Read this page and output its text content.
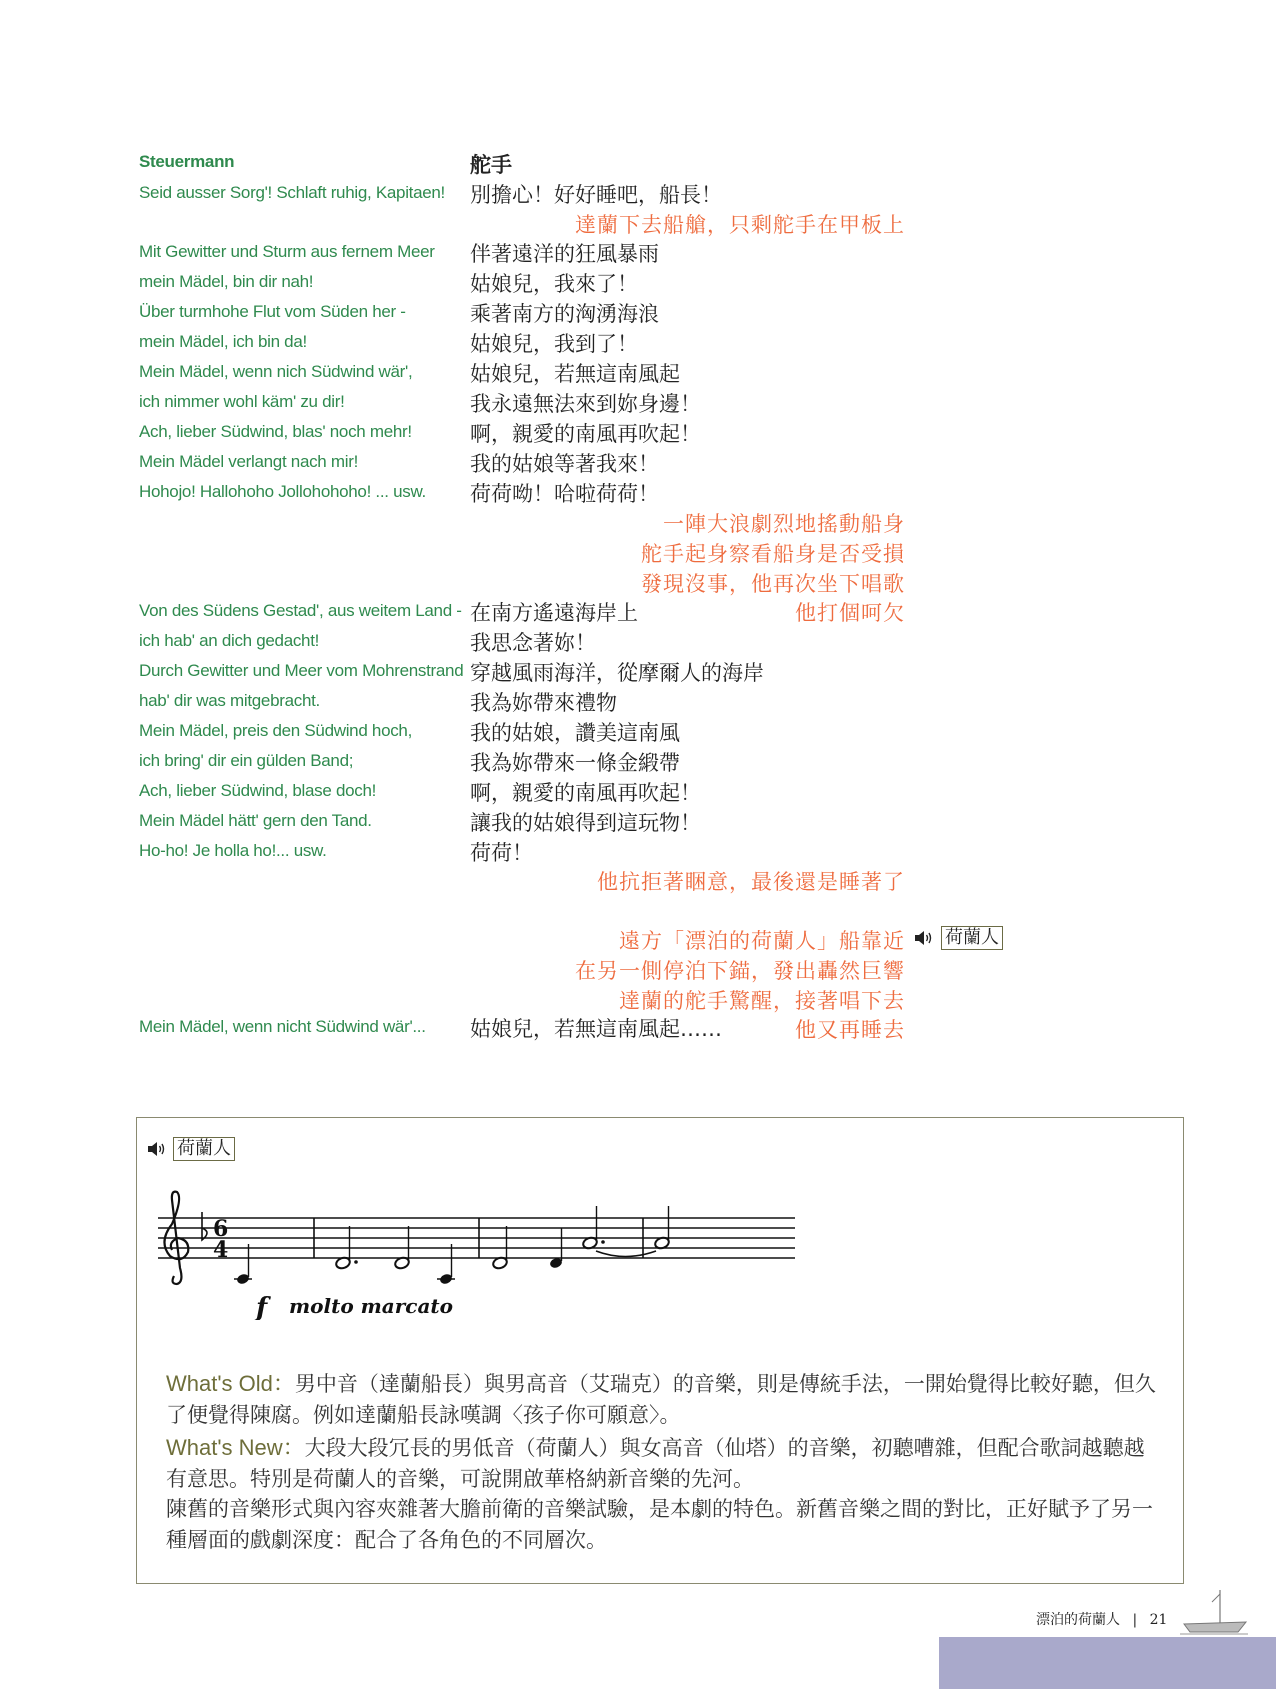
Steuermann	舵手
Seid ausser Sorg'! Schlaft ruhig, Kapitaen!
Mit Gewitter und Sturm aus fernem Meer
mein Mädel, bin dir nah!
Über turmhohe Flut vom Süden her -
mein Mädel, ich bin da!
Mein Mädel, wenn nich Südwind wär',
ich nimmer wohl käm' zu dir!
Ach, lieber Südwind, blas' noch mehr!
Mein Mädel verlangt nach mir!
Hohojo! Hallohoho Jollohohoho! ... usw.
Von des Südens Gestad', aus weitem Land -
ich hab' an dich gedacht!
Durch Gewitter und Meer vom Mohrenstrand
hab' dir was mitgebracht.
Mein Mädel, preis den Südwind hoch,
ich bring' dir ein gülden Band;
Ach, lieber Südwind, blase doch!
Mein Mädel hätt' gern den Tand.
Ho-ho! Je holla ho!... usw.
Mein Mädel, wenn nicht Südwind wär'...
別擔心！好好睡吧，船長！
伴著遠洋的狂風暴雨
姑娘兒，我來了！
乘著南方的洶湧海浪
姑娘兒，我到了！
姑娘兒，若無這南風起
我永遠無法來到妳身邊！
啊，親愛的南風再吹起！
我的姑娘等著我來！
荷荷呦！哈啦荷荷！
在南方遙遠海岸上
我思念著妳！
穿越風雨海洋，從摩爾人的海岸
我為妳帶來禮物
我的姑娘，讚美這南風
我為妳帶來一條金緞帶
啊，親愛的南風再吹起！
讓我的姑娘得到這玩物！
荷荷！
姑娘兒，若無這南風起……
達蘭下去船艙，只剩舵手在甲板上
一陣大浪劇烈地搖動船身
舵手起身察看船身是否受損
發現沒事，他再次坐下唱歌
他打個呵欠
他抗拒著睏意，最後還是睡著了
遠方「漂泊的荷蘭人」船靠近
在另一側停泊下錨，發出轟然巨響
達蘭的舵手驚醒，接著唱下去
他又再睡去
荷蘭人
荷蘭人
6
4
f molto marcato
What's Old：男中音（達蘭船長）與男高音（艾瑞克）的音樂，則是傳統手法，一開始覺得比較好聽，但久
了便覺得陳腐。例如達蘭船長詠嘆調〈孩子你可願意〉。
What's New：大段大段冗長的男低音（荷蘭人）與女高音（仙塔）的音樂，初聽嘈雜，但配合歌詞越聽越
有意思。特別是荷蘭人的音樂，可說開啟華格納新音樂的先河。
陳舊的音樂形式與內容夾雜著大膽前衛的音樂試驗，是本劇的特色。新舊音樂之間的對比，正好賦予了另一
種層面的戲劇深度：配合了各角色的不同層次。
漂泊的荷蘭人 | 21
